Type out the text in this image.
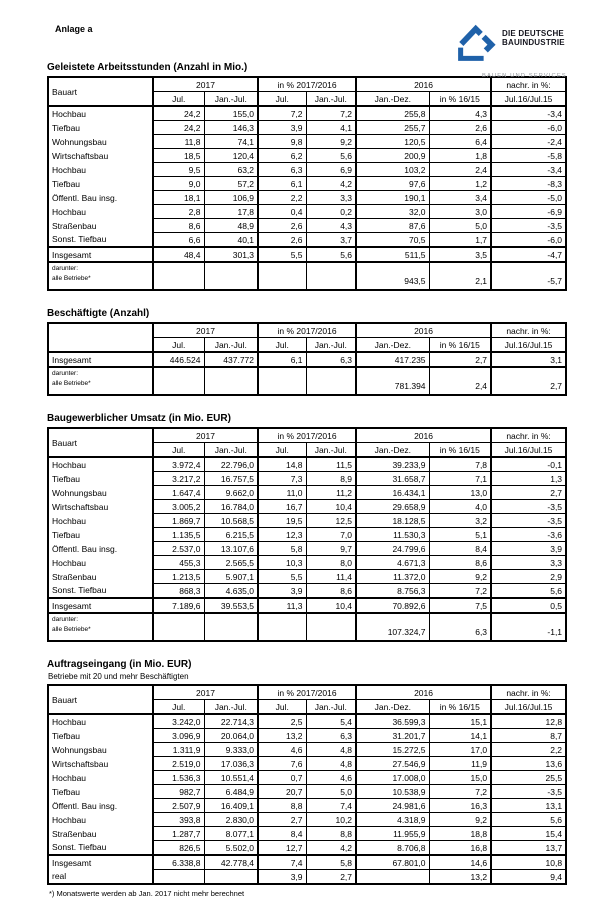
DIE DEUTSCHE
BAUINDUSTRIE
BAUEN UND SERVICES
Anlage a
Geleistete Arbeitsstunden (Anzahl in Mio.)
Bauart	2017		in % 2017/2016		2016		nachr. in %:
	Jul.	Jan.-Jul.	Jul.	Jan.-Jul.	Jan.-Dez.	in % 16/15	Jul.16/Jul.15
Hochbau	24,2	155,0	7,2	7,2	255,8	4,3	-3,4
Tiefbau	24,2	146,3	3,9	4,1	255,7	2,6	-6,0
Wohnungsbau	11,8	74,1	9,8	9,2	120,5	6,4	-2,4
Wirtschaftsbau	18,5	120,4	6,2	5,6	200,9	1,8	-5,8
Hochbau	9,5	63,2	6,3	6,9	103,2	2,4	-3,4
Tiefbau	9,0	57,2	6,1	4,2	97,6	1,2	-8,3
Öffentl. Bau insg.	18,1	106,9	2,2	3,3	190,1	3,4	-5,0
Hochbau	2,8	17,8	0,4	0,2	32,0	3,0	-6,9
Straßenbau	8,6	48,9	2,6	4,3	87,6	5,0	-3,5
Sonst. Tiefbau	6,6	40,1	2,6	3,7	70,5	1,7	-6,0
Insgesamt	48,4	301,3	5,5	5,6	511,5	3,5	-4,7

darunter:
alle Betriebe*					943,5	2,1	-5,7
Beschäftigte (Anzahl)
	2017		in % 2017/2016		2016		nachr. in %:
	Jul.	Jan.-Jul.	Jul.	Jan.-Jul.	Jan.-Dez.	in % 16/15	Jul.16/Jul.15
Insgesamt	446.524	437.772	6,1	6,3	417.235	2,7	3,1

darunter:
alle Betriebe*					781.394	2,4	2,7
Baugewerblicher Umsatz (in Mio. EUR)
Bauart	2017		in % 2017/2016		2016		nachr. in %:
	Jul.	Jan.-Jul.	Jul.	Jan.-Jul.	Jan.-Dez.	in % 16/15	Jul.16/Jul.15
Hochbau	3.972,4	22.796,0	14,8	11,5	39.233,9	7,8	-0,1
Tiefbau	3.217,2	16.757,5	7,3	8,9	31.658,7	7,1	1,3
Wohnungsbau	1.647,4	9.662,0	11,0	11,2	16.434,1	13,0	2,7
Wirtschaftsbau	3.005,2	16.784,0	16,7	10,4	29.658,9	4,0	-3,5
Hochbau	1.869,7	10.568,5	19,5	12,5	18.128,5	3,2	-3,5
Tiefbau	1.135,5	6.215,5	12,3	7,0	11.530,3	5,1	-3,6
Öffentl. Bau insg.	2.537,0	13.107,6	5,8	9,7	24.799,6	8,4	3,9
Hochbau	455,3	2.565,5	10,3	8,0	4.671,3	8,6	3,3
Straßenbau	1.213,5	5.907,1	5,5	11,4	11.372,0	9,2	2,9
Sonst. Tiefbau	868,3	4.635,0	3,9	8,6	8.756,3	7,2	5,6
Insgesamt	7.189,6	39.553,5	11,3	10,4	70.892,6	7,5	0,5

darunter:
alle Betriebe*					107.324,7	6,3	-1,1
Auftragseingang (in Mio. EUR)
Betriebe mit 20 und mehr Beschäftigten
Bauart	2017		in % 2017/2016		2016		nachr. in %:
	Jul.	Jan.-Jul.	Jul.	Jan.-Jul.	Jan.-Dez.	in % 16/15	Jul.16/Jul.15
Hochbau	3.242,0	22.714,3	2,5	5,4	36.599,3	15,1	12,8
Tiefbau	3.096,9	20.064,0	13,2	6,3	31.201,7	14,1	8,7
Wohnungsbau	1.311,9	9.333,0	4,6	4,8	15.272,5	17,0	2,2
Wirtschaftsbau	2.519,0	17.036,3	7,6	4,8	27.546,9	11,9	13,6
Hochbau	1.536,3	10.551,4	0,7	4,6	17.008,0	15,0	25,5
Tiefbau	982,7	6.484,9	20,7	5,0	10.538,9	7,2	-3,5
Öffentl. Bau insg.	2.507,9	16.409,1	8,8	7,4	24.981,6	16,3	13,1
Hochbau	393,8	2.830,0	2,7	10,2	4.318,9	9,2	5,6
Straßenbau	1.287,7	8.077,1	8,4	8,8	11.955,9	18,8	15,4
Sonst. Tiefbau	826,5	5.502,0	12,7	4,2	8.706,8	16,8	13,7
Insgesamt	6.338,8	42.778,4	7,4	5,8	67.801,0	14,6	10,8
real			3,9	2,7		13,2	9,4
*) Monatswerte werden ab Jan. 2017 nicht mehr berechnet
